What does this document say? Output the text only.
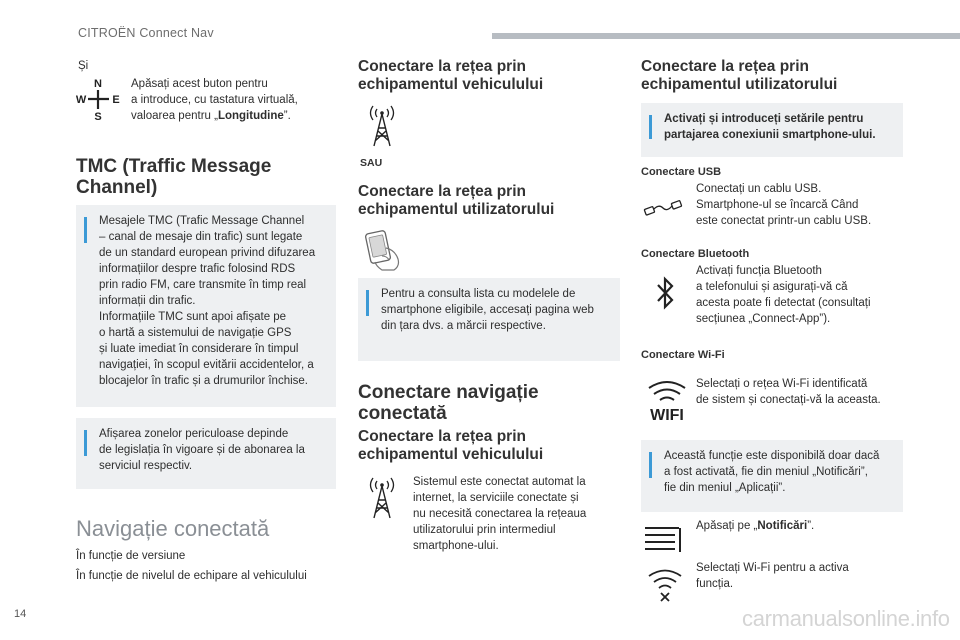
CITROËN Connect Nav
Și
N
W E
S
Apăsați acest buton pentru
a introduce, cu tastatura virtuală,
valoarea pentru „Longitudine”.
TMC (Traffic Message
Channel)
Mesajele TMC (Trafic Message Channel
– canal de mesaje din trafic) sunt legate
de un standard european privind difuzarea
informațiilor despre trafic folosind RDS
prin radio FM, care transmite în timp real
informații din trafic.
Informațiile TMC sunt apoi afișate pe
o hartă a sistemului de navigație GPS
și luate imediat în considerare în timpul
navigației, în scopul evitării accidentelor, a
blocajelor în trafic și a drumurilor închise.
Afișarea zonelor periculoase depinde
de legislația în vigoare și de abonarea la
serviciul respectiv.
Navigație conectată
În funcție de versiune
În funcție de nivelul de echipare al vehiculului
Conectare la rețea prin
echipamentul vehiculului
SAU
Conectare la rețea prin
echipamentul utilizatorului
Pentru a consulta lista cu modelele de
smartphone eligibile, accesați pagina web
din țara dvs. a mărcii respective.
Conectare navigație
conectată
Conectare la rețea prin
echipamentul vehiculului
Sistemul este conectat automat la
internet, la serviciile conectate și
nu necesită conectarea la rețeaua
utilizatorului prin intermediul
smartphone-ului.
Conectare la rețea prin
echipamentul utilizatorului
Activați și introduceți setările pentru
partajarea conexiunii smartphone-ului.
Conectare USB
Conectați un cablu USB.
Smartphone-ul se încarcă Când
este conectat printr-un cablu USB.
Conectare Bluetooth
Activați funcția Bluetooth
a telefonului și asigurați-vă că
acesta poate fi detectat (consultați
secțiunea „Connect-App”).
Conectare Wi-Fi
WIFI
Selectați o rețea Wi-Fi identificată
de sistem și conectați-vă la aceasta.
Această funcție este disponibilă doar dacă
a fost activată, fie din meniul „Notificări”,
fie din meniul „Aplicații”.
Apăsați pe „Notificări”.
Selectați Wi-Fi pentru a activa
funcția.
14	carmanualsonline.info
